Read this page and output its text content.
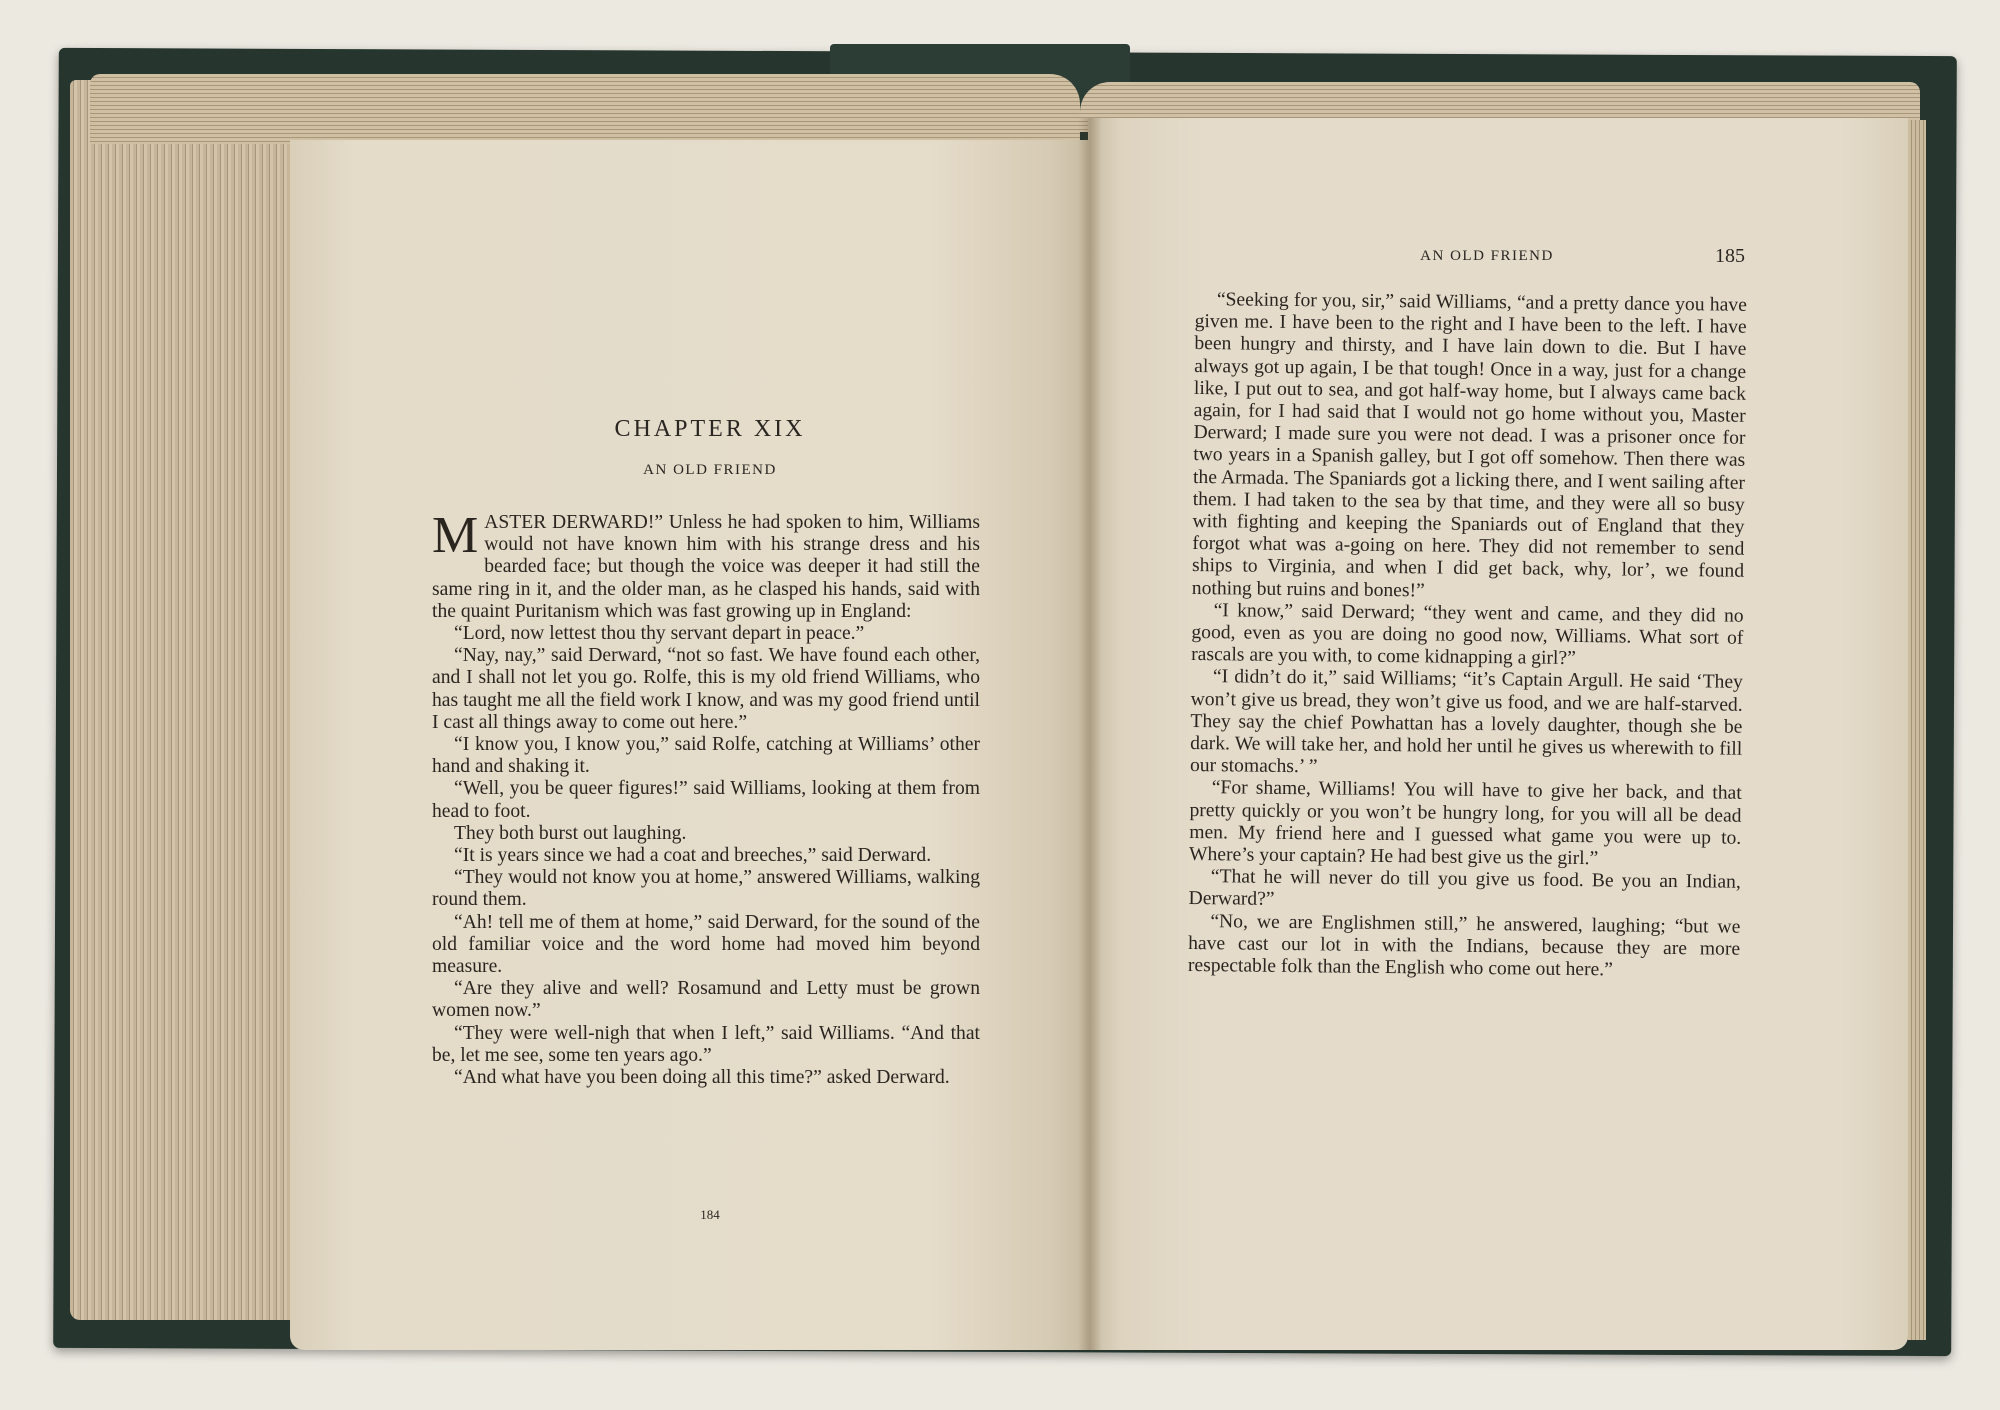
CHAPTER XIX
AN OLD FRIEND

MASTER DERWARD!” Unless he had spoken to him, Williams would not have known him with his strange dress and his bearded face; but though the voice was deeper it had still the same ring in it, and the older man, as he clasped his hands, said with the quaint Puritanism which was fast growing up in England:

“Lord, now lettest thou thy servant depart in peace.”

“Nay, nay,” said Derward, “not so fast. We have found each other, and I shall not let you go. Rolfe, this is my old friend Williams, who has taught me all the field work I know, and was my good friend until I cast all things away to come out here.”

“I know you, I know you,” said Rolfe, catching at Williams’ other hand and shaking it.

“Well, you be queer figures!” said Williams, looking at them from head to foot.

They both burst out laughing.

“It is years since we had a coat and breeches,” said Derward.

“They would not know you at home,” answered Williams, walking round them.

“Ah! tell me of them at home,” said Derward, for the sound of the old familiar voice and the word home had moved him beyond measure.

“Are they alive and well? Rosamund and Letty must be grown women now.”

“They were well-nigh that when I left,” said Williams. “And that be, let me see, some ten years ago.”

“And what have you been doing all this time?” asked Derward.

184
AN OLD FRIEND	185

“Seeking for you, sir,” said Williams, “and a pretty dance you have given me. I have been to the right and I have been to the left. I have been hungry and thirsty, and I have lain down to die. But I have always got up again, I be that tough! Once in a way, just for a change like, I put out to sea, and got half-way home, but I always came back again, for I had said that I would not go home without you, Master Derward; I made sure you were not dead. I was a prisoner once for two years in a Spanish galley, but I got off somehow. Then there was the Armada. The Spaniards got a licking there, and I went sailing after them. I had taken to the sea by that time, and they were all so busy with fighting and keeping the Spaniards out of England that they forgot what was a-going on here. They did not remember to send ships to Virginia, and when I did get back, why, lor’, we found nothing but ruins and bones!”

“I know,” said Derward; “they went and came, and they did no good, even as you are doing no good now, Williams. What sort of rascals are you with, to come kidnapping a girl?”

“I didn’t do it,” said Williams; “it’s Captain Argull. He said ‘They won’t give us bread, they won’t give us food, and we are half-starved. They say the chief Powhattan has a lovely daughter, though she be dark. We will take her, and hold her until he gives us wherewith to fill our stomachs.’ ”

“For shame, Williams! You will have to give her back, and that pretty quickly or you won’t be hungry long, for you will all be dead men. My friend here and I guessed what game you were up to. Where’s your captain? He had best give us the girl.”

“That he will never do till you give us food. Be you an Indian, Derward?”

“No, we are Englishmen still,” he answered, laughing; “but we have cast our lot in with the Indians, because they are more respectable folk than the English who come out here.”
